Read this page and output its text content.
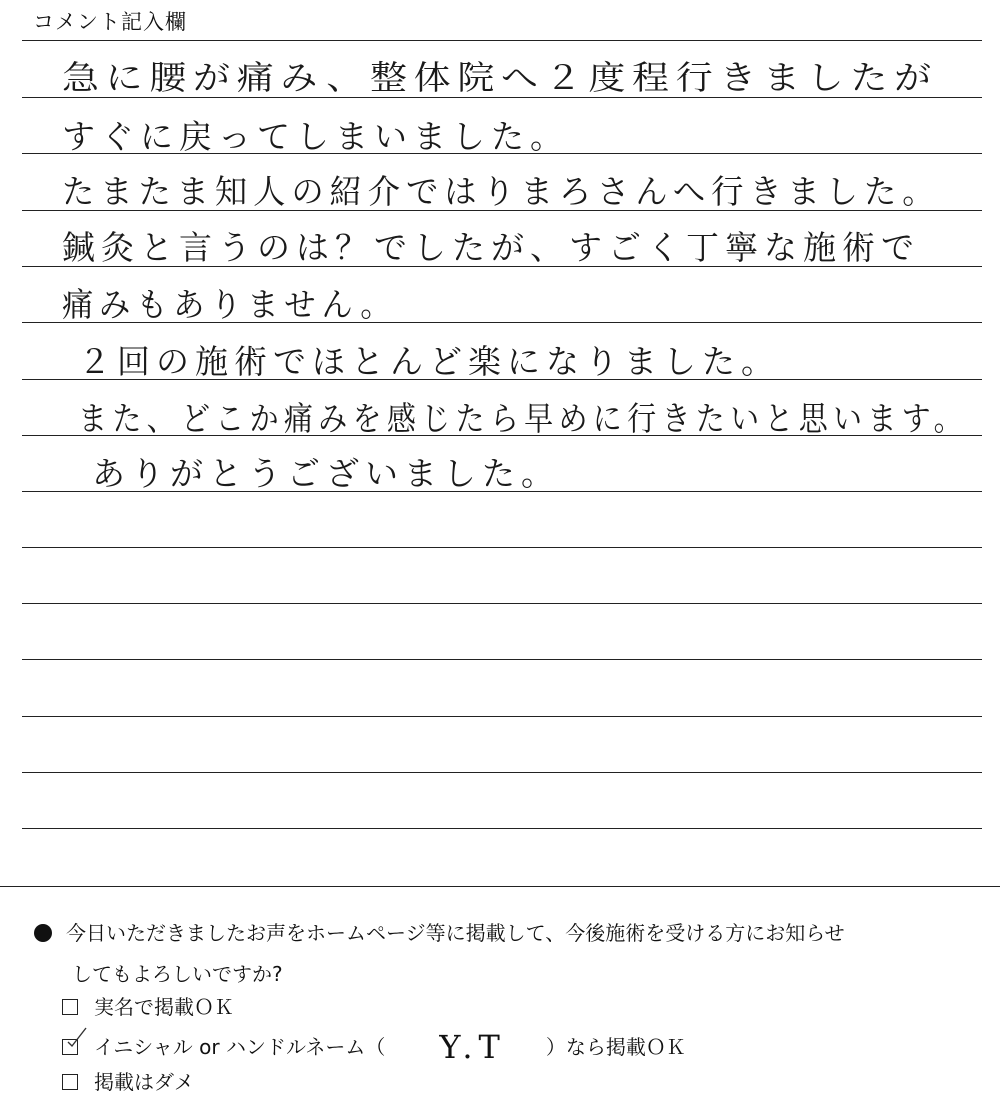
コメント記入欄
急に腰が痛み、整体院へ２度程行きましたが
すぐに戻ってしまいました。
たまたま知人の紹介ではりまろさんへ行きました。
鍼灸と言うのは？でしたが、すごく丁寧な施術で
痛みもありません。
２回の施術でほとんど楽になりました。
また、どこか痛みを感じたら早めに行きたいと思います。
ありがとうございました。
今日いただきましたお声をホームページ等に掲載して、今後施術を受ける方にお知らせ
してもよろしいですか?
実名で掲載ＯＫ
イニシャル or ハンドルネーム（ Y.T ）なら掲載ＯＫ
掲載はダメ
